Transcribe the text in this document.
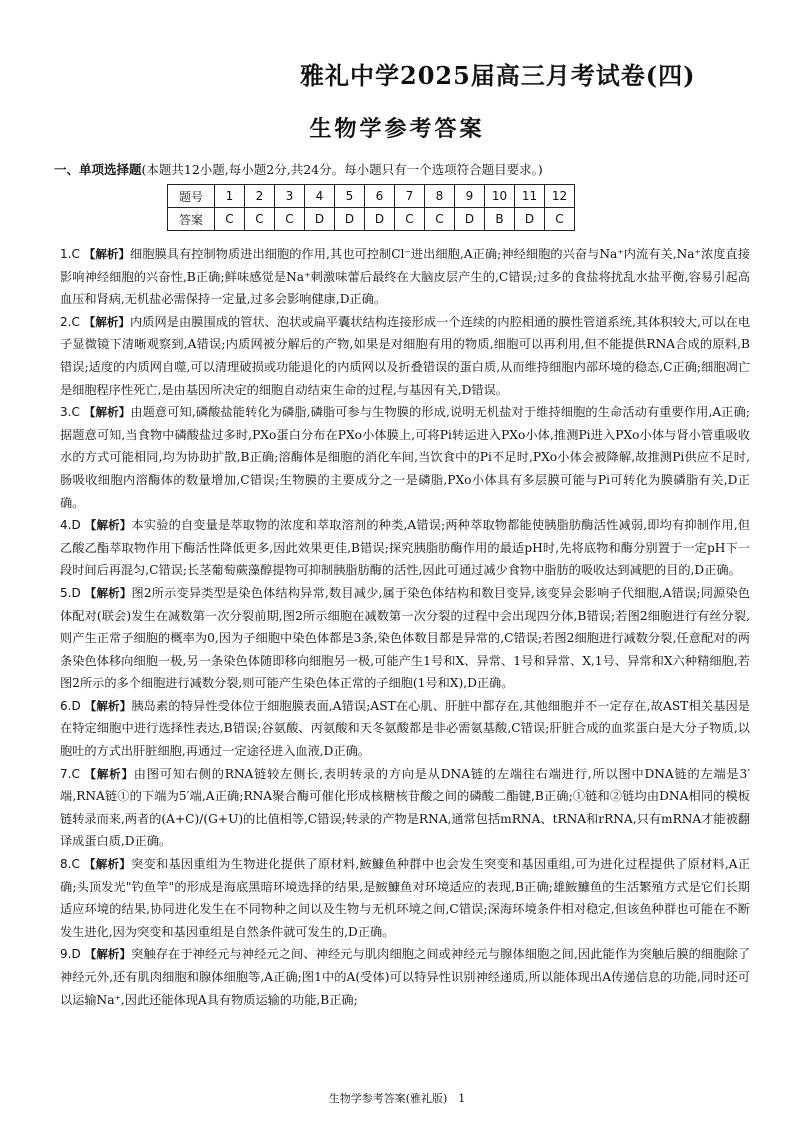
雅礼中学2025届高三月考试卷(四)
生物学参考答案
一、单项选择题(本题共12小题,每小题2分,共24分。每小题只有一个选项符合题目要求。)
题号	1	2	3	4	5	6	7	8	9	10	11	12
答案	C	C	C	D	D	D	C	C	D	B	D	C
1.C 【解析】细胞膜具有控制物质进出细胞的作用,其也可控制Cl⁻进出细胞,A正确;神经细胞的兴奋与Na⁺内流有关,Na⁺浓度直接影响神经细胞的兴奋性,B正确;鲜味感觉是Na⁺刺激味蕾后最终在大脑皮层产生的,C错误;过多的食盐将扰乱水盐平衡,容易引起高血压和肾病,无机盐必需保持一定量,过多会影响健康,D正确。
2.C 【解析】内质网是由膜围成的管状、泡状或扁平囊状结构连接形成一个连续的内腔相通的膜性管道系统,其体积较大,可以在电子显微镜下清晰观察到,A错误;内质网被分解后的产物,如果是对细胞有用的物质,细胞可以再利用,但不能提供RNA合成的原料,B错误;适度的内质网自噬,可以清理破损或功能退化的内质网以及折叠错误的蛋白质,从而维持细胞内部环境的稳态,C正确;细胞凋亡是细胞程序性死亡,是由基因所决定的细胞自动结束生命的过程,与基因有关,D错误。
3.C 【解析】由题意可知,磷酸盐能转化为磷脂,磷脂可参与生物膜的形成,说明无机盐对于维持细胞的生命活动有重要作用,A正确;据题意可知,当食物中磷酸盐过多时,PXo蛋白分布在PXo小体膜上,可将Pi转运进入PXo小体,推测Pi进入PXo小体与肾小管重吸收水的方式可能相同,均为协助扩散,B正确;溶酶体是细胞的消化车间,当饮食中的Pi不足时,PXo小体会被降解,故推测Pi供应不足时,肠吸收细胞内溶酶体的数量增加,C错误;生物膜的主要成分之一是磷脂,PXo小体具有多层膜可能与Pi可转化为膜磷脂有关,D正确。
4.D 【解析】本实验的自变量是萃取物的浓度和萃取溶剂的种类,A错误;两种萃取物都能使胰脂肪酶活性减弱,即均有抑制作用,但乙酸乙酯萃取物作用下酶活性降低更多,因此效果更佳,B错误;探究胰脂肪酶作用的最适pH时,先将底物和酶分别置于一定pH下一段时间后再混匀,C错误;长茎葡萄蕨藻醇提物可抑制胰脂肪酶的活性,因此可通过减少食物中脂肪的吸收达到减肥的目的,D正确。
5.D 【解析】图2所示变异类型是染色体结构异常,数目减少,属于染色体结构和数目变异,该变异会影响子代细胞,A错误;同源染色体配对(联会)发生在减数第一次分裂前期,图2所示细胞在减数第一次分裂的过程中会出现四分体,B错误;若图2细胞进行有丝分裂,则产生正常子细胞的概率为0,因为子细胞中染色体都是3条,染色体数目都是异常的,C错误;若图2细胞进行减数分裂,任意配对的两条染色体移向细胞一极,另一条染色体随即移向细胞另一极,可能产生1号和X、异常、1号和异常、X,1号、异常和X六种精细胞,若图2所示的多个细胞进行减数分裂,则可能产生染色体正常的子细胞(1号和X),D正确。
6.D 【解析】胰岛素的特异性受体位于细胞膜表面,A错误;AST在心肌、肝脏中都存在,其他细胞并不一定存在,故AST相关基因是在特定细胞中进行选择性表达,B错误;谷氨酸、丙氨酸和天冬氨酸都是非必需氨基酸,C错误;肝脏合成的血浆蛋白是大分子物质,以胞吐的方式出肝脏细胞,再通过一定途径进入血液,D正确。
7.C 【解析】由图可知右侧的RNA链较左侧长,表明转录的方向是从DNA链的左端往右端进行,所以图中DNA链的左端是3′端,RNA链①的下端为5′端,A正确;RNA聚合酶可催化形成核糖核苷酸之间的磷酸二酯键,B正确;①链和②链均由DNA相同的模板链转录而来,两者的(A+C)/(G+U)的比值相等,C错误;转录的产物是RNA,通常包括mRNA、tRNA和rRNA,只有mRNA才能被翻译成蛋白质,D正确。
8.C 【解析】突变和基因重组为生物进化提供了原材料,鮟鱇鱼种群中也会发生突变和基因重组,可为进化过程提供了原材料,A正确;头顶发光"钓鱼竿"的形成是海底黑暗环境选择的结果,是鮟鱇鱼对环境适应的表现,B正确;雄鮟鱇鱼的生活繁殖方式是它们长期适应环境的结果,协同进化发生在不同物种之间以及生物与无机环境之间,C错误;深海环境条件相对稳定,但该鱼种群也可能在不断发生进化,因为突变和基因重组是自然条件就可发生的,D正确。
9.D 【解析】突触存在于神经元与神经元之间、神经元与肌肉细胞之间或神经元与腺体细胞之间,因此能作为突触后膜的细胞除了神经元外,还有肌肉细胞和腺体细胞等,A正确;图1中的A(受体)可以特异性识别神经递质,所以能体现出A传递信息的功能,同时还可以运输Na⁺,因此还能体现A具有物质运输的功能,B正确;
生物学参考答案(雅礼版)　1
